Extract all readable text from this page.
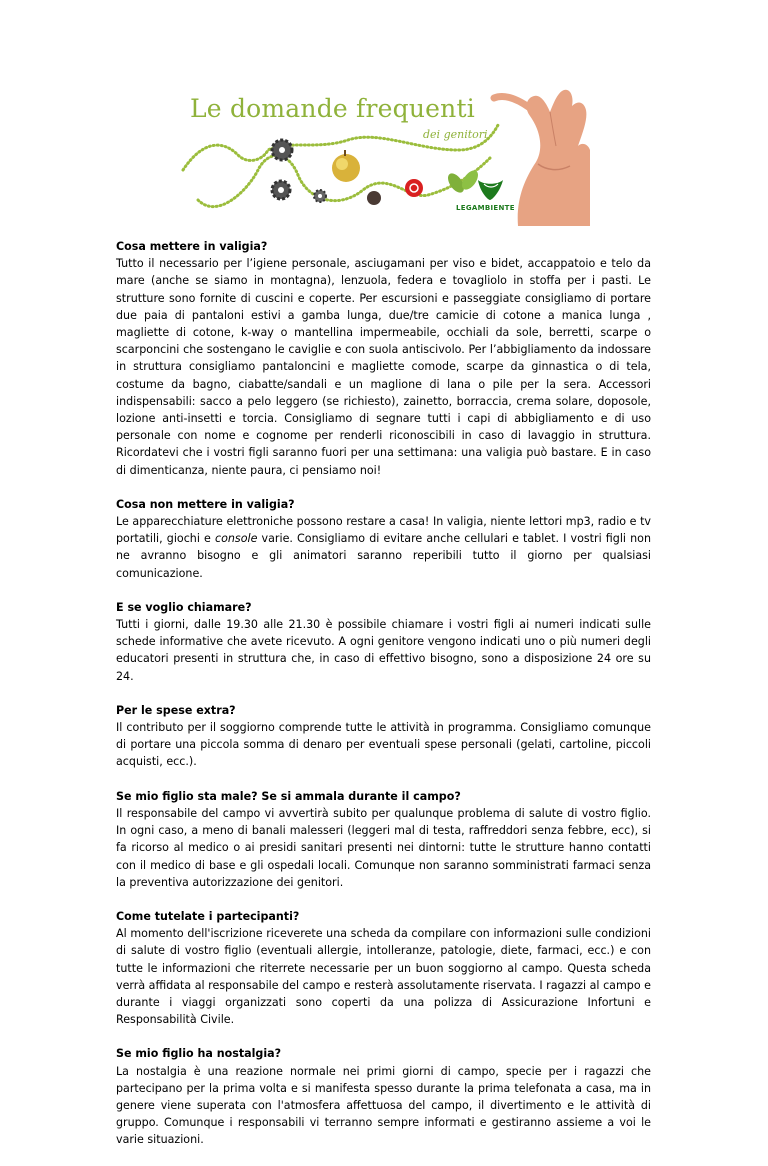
Le domande frequenti
dei genitori
LEGAMBIENTE
Cosa mettere in valigia?

Tutto il necessario per l’igiene personale, asciugamani per viso e bidet, accappatoio e telo da mare (anche se siamo in montagna), lenzuola, federa e tovagliolo in stoffa per i pasti. Le strutture sono fornite di cuscini e coperte. Per escursioni e passeggiate consigliamo di portare due paia di pantaloni estivi a gamba lunga, due/tre camicie di cotone a manica lunga , magliette di cotone, k-way o mantellina impermeabile, occhiali da sole, berretti, scarpe o scarponcini che sostengano le caviglie e con suola antiscivolo. Per l’abbigliamento da indossare in struttura consigliamo pantaloncini e magliette comode, scarpe da ginnastica o di tela, costume da bagno, ciabatte/sandali e un maglione di lana o pile per la sera. Accessori indispensabili: sacco a pelo leggero (se richiesto), zainetto, borraccia, crema solare, doposole, lozione anti-insetti e torcia. Consigliamo di segnare tutti i capi di abbigliamento e di uso personale con nome e cognome per renderli riconoscibili in caso di lavaggio in struttura. Ricordatevi che i vostri figli saranno fuori per una settimana: una valigia può bastare. E in caso di dimenticanza, niente paura, ci pensiamo noi!

Cosa non mettere in valigia?

Le apparecchiature elettroniche possono restare a casa! In valigia, niente lettori mp3, radio e tv portatili, giochi e console varie. Consigliamo di evitare anche cellulari e tablet. I vostri figli non ne avranno bisogno e gli animatori saranno reperibili tutto il giorno per qualsiasi comunicazione.

E se voglio chiamare?

Tutti i giorni, dalle 19.30 alle 21.30 è possibile chiamare i vostri figli ai numeri indicati sulle schede informative che avete ricevuto. A ogni genitore vengono indicati uno o più numeri degli educatori presenti in struttura che, in caso di effettivo bisogno, sono a disposizione 24 ore su 24.

Per le spese extra?

Il contributo per il soggiorno comprende tutte le attività in programma. Consigliamo comunque di portare una piccola somma di denaro per eventuali spese personali (gelati, cartoline, piccoli acquisti, ecc.).

Se mio figlio sta male? Se si ammala durante il campo?

Il responsabile del campo vi avvertirà subito per qualunque problema di salute di vostro figlio. In ogni caso, a meno di banali malesseri (leggeri mal di testa, raffreddori senza febbre, ecc), si fa ricorso al medico o ai presidi sanitari presenti nei dintorni: tutte le strutture hanno contatti con il medico di base e gli ospedali locali. Comunque non saranno somministrati farmaci senza la preventiva autorizzazione dei genitori.

Come tutelate i partecipanti?

Al momento dell'iscrizione riceverete una scheda da compilare con informazioni sulle condizioni di salute di vostro figlio (eventuali allergie, intolleranze, patologie, diete, farmaci, ecc.) e con tutte le informazioni che riterrete necessarie per un buon soggiorno al campo. Questa scheda verrà affidata al responsabile del campo e resterà assolutamente riservata. I ragazzi al campo e durante i viaggi organizzati sono coperti da una polizza di Assicurazione Infortuni e Responsabilità Civile.

Se mio figlio ha nostalgia?

La nostalgia è una reazione normale nei primi giorni di campo, specie per i ragazzi che partecipano per la prima volta e si manifesta spesso durante la prima telefonata a casa, ma in genere viene superata con l'atmosfera affettuosa del campo, il divertimento e le attività di gruppo. Comunque i responsabili vi terranno sempre informati e gestiranno assieme a voi le varie situazioni.
